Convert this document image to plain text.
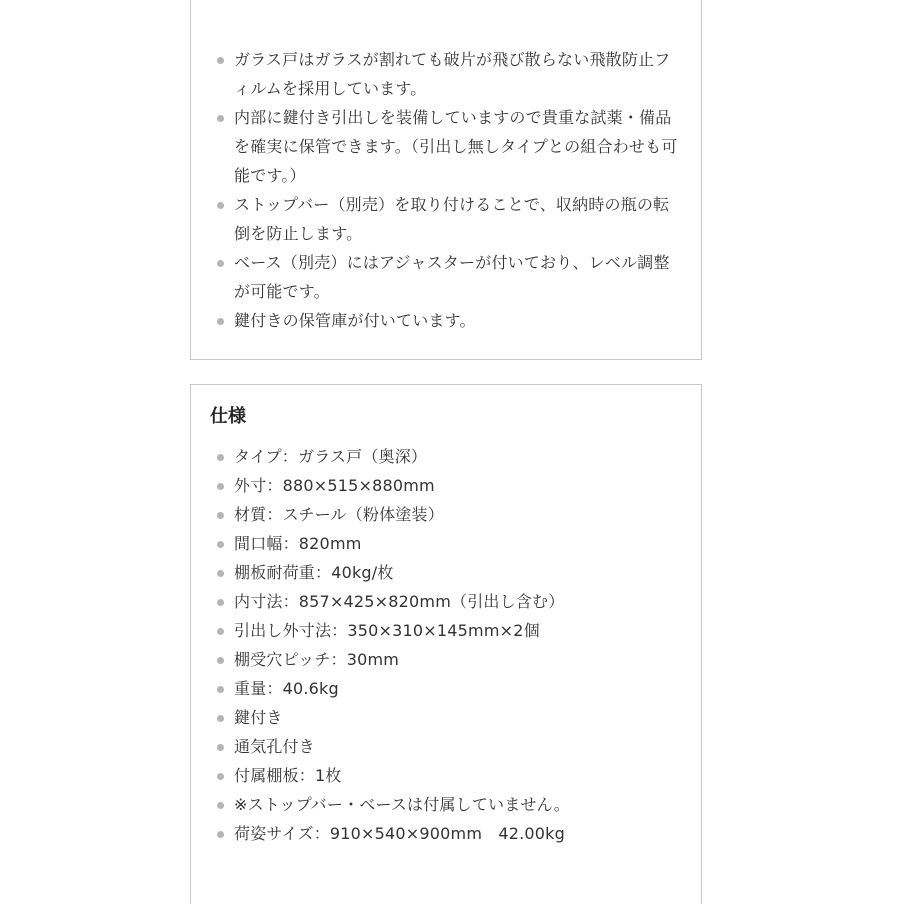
ガラス戸はガラスが割れても破片が飛び散らない飛散防止フィルムを採用しています。
内部に鍵付き引出しを装備していますので貴重な試薬・備品を確実に保管できます。（引出し無しタイプとの組合わせも可能です。）
ストップバー（別売）を取り付けることで、収納時の瓶の転倒を防止します。
ベース（別売）にはアジャスターが付いており、レベル調整が可能です。
鍵付きの保管庫が付いています。
仕様
タイプ：ガラス戸（奥深）
外寸：880×515×880mm
材質：スチール（粉体塗装）
間口幅：820mm
棚板耐荷重：40kg/枚
内寸法：857×425×820mm（引出し含む）
引出し外寸法：350×310×145mm×2個
棚受穴ピッチ：30mm
重量：40.6kg
鍵付き
通気孔付き
付属棚板：1枚
※ストップバー・ベースは付属していません。
荷姿サイズ：910×540×900mm　42.00kg
